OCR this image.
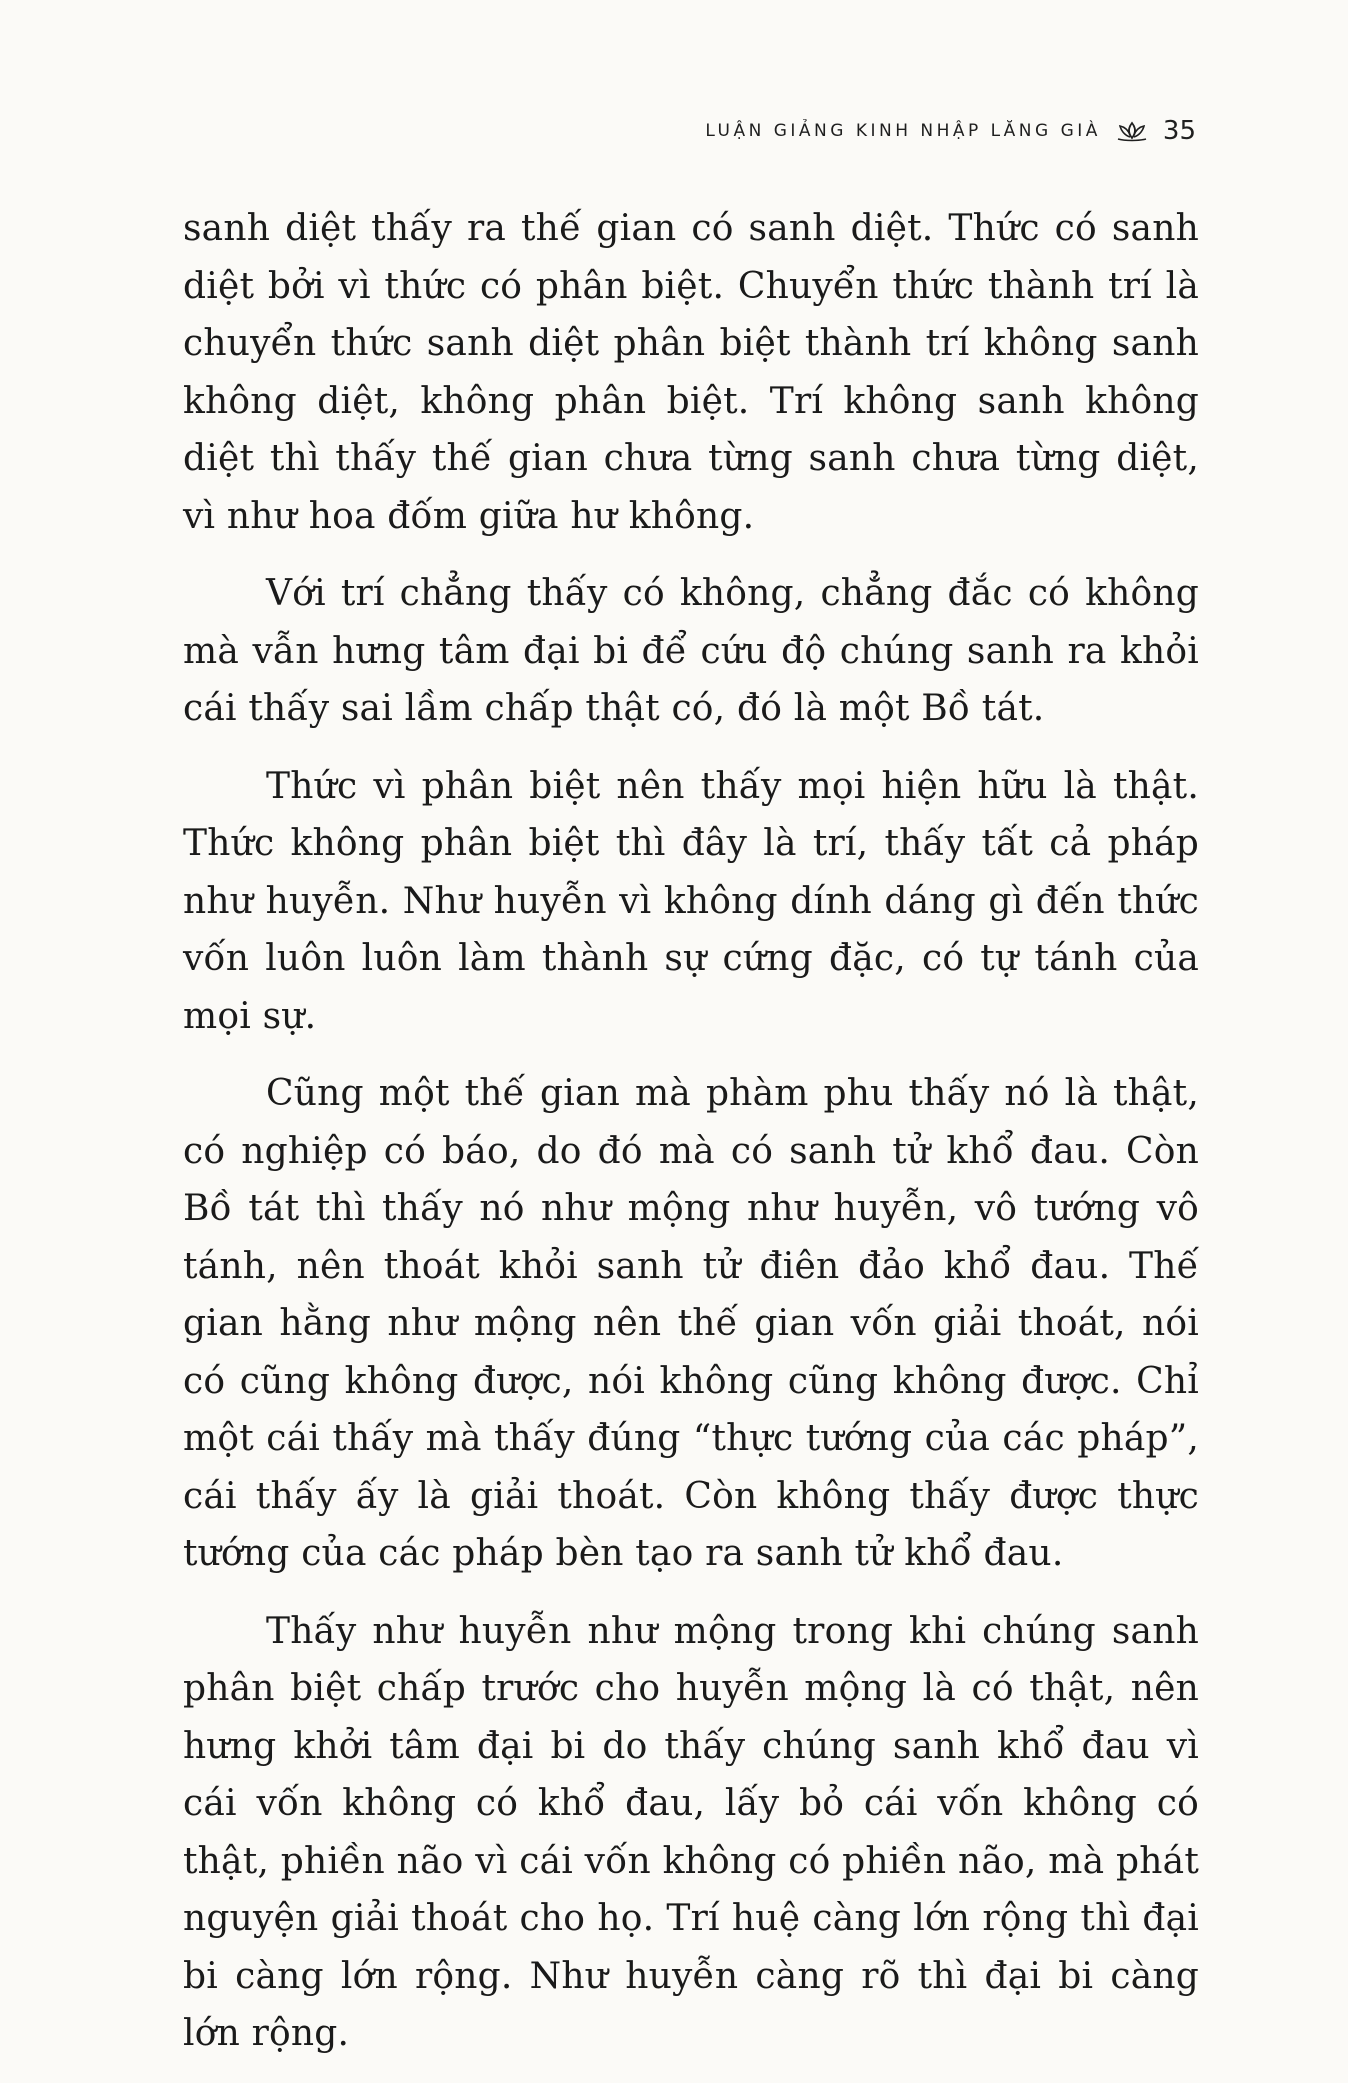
LUẬN GIẢNG KINH NHẬP LĂNG GIÀ 35

sanh diệt thấy ra thế gian có sanh diệt. Thức có sanh diệt bởi vì thức có phân biệt. Chuyển thức thành trí là chuyển thức sanh diệt phân biệt thành trí không sanh không diệt, không phân biệt. Trí không sanh không diệt thì thấy thế gian chưa từng sanh chưa từng diệt, vì như hoa đốm giữa hư không.

Với trí chẳng thấy có không, chẳng đắc có không mà vẫn hưng tâm đại bi để cứu độ chúng sanh ra khỏi cái thấy sai lầm chấp thật có, đó là một Bồ tát.

Thức vì phân biệt nên thấy mọi hiện hữu là thật. Thức không phân biệt thì đây là trí, thấy tất cả pháp như huyễn. Như huyễn vì không dính dáng gì đến thức vốn luôn luôn làm thành sự cứng đặc, có tự tánh của mọi sự.

Cũng một thế gian mà phàm phu thấy nó là thật, có nghiệp có báo, do đó mà có sanh tử khổ đau. Còn Bồ tát thì thấy nó như mộng như huyễn, vô tướng vô tánh, nên thoát khỏi sanh tử điên đảo khổ đau. Thế gian hằng như mộng nên thế gian vốn giải thoát, nói có cũng không được, nói không cũng không được. Chỉ một cái thấy mà thấy đúng “thực tướng của các pháp”, cái thấy ấy là giải thoát. Còn không thấy được thực tướng của các pháp bèn tạo ra sanh tử khổ đau.

Thấy như huyễn như mộng trong khi chúng sanh phân biệt chấp trước cho huyễn mộng là có thật, nên hưng khởi tâm đại bi do thấy chúng sanh khổ đau vì cái vốn không có khổ đau, lấy bỏ cái vốn không có thật, phiền não vì cái vốn không có phiền não, mà phát nguyện giải thoát cho họ. Trí huệ càng lớn rộng thì đại bi càng lớn rộng. Như huyễn càng rõ thì đại bi càng lớn rộng.
